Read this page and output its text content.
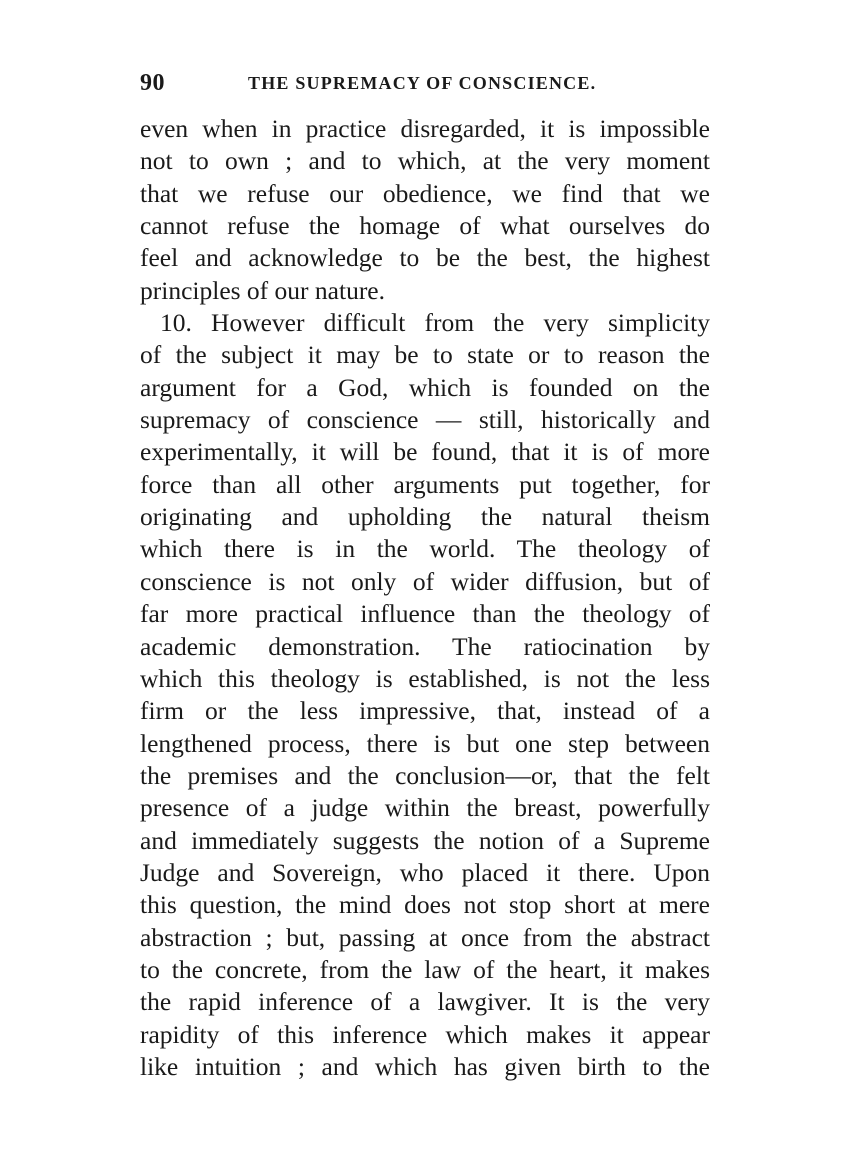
90	THE SUPREMACY OF CONSCIENCE.
even when in practice disregarded, it is impossible
not to own ; and to which, at the very moment
that we refuse our obedience, we find that we
cannot refuse the homage of what ourselves do
feel and acknowledge to be the best, the highest
principles of our nature.
10. However difficult from the very simplicity
of the subject it may be to state or to reason the
argument for a God, which is founded on the
supremacy of conscience — still, historically and
experimentally, it will be found, that it is of more
force than all other arguments put together, for
originating and upholding the natural theism
which there is in the world. The theology of
conscience is not only of wider diffusion, but of
far more practical influence than the theology of
academic demonstration. The ratiocination by
which this theology is established, is not the less
firm or the less impressive, that, instead of a
lengthened process, there is but one step between
the premises and the conclusion—or, that the felt
presence of a judge within the breast, powerfully
and immediately suggests the notion of a Supreme
Judge and Sovereign, who placed it there. Upon
this question, the mind does not stop short at mere
abstraction ; but, passing at once from the abstract
to the concrete, from the law of the heart, it makes
the rapid inference of a lawgiver. It is the very
rapidity of this inference which makes it appear
like intuition ; and which has given birth to the
